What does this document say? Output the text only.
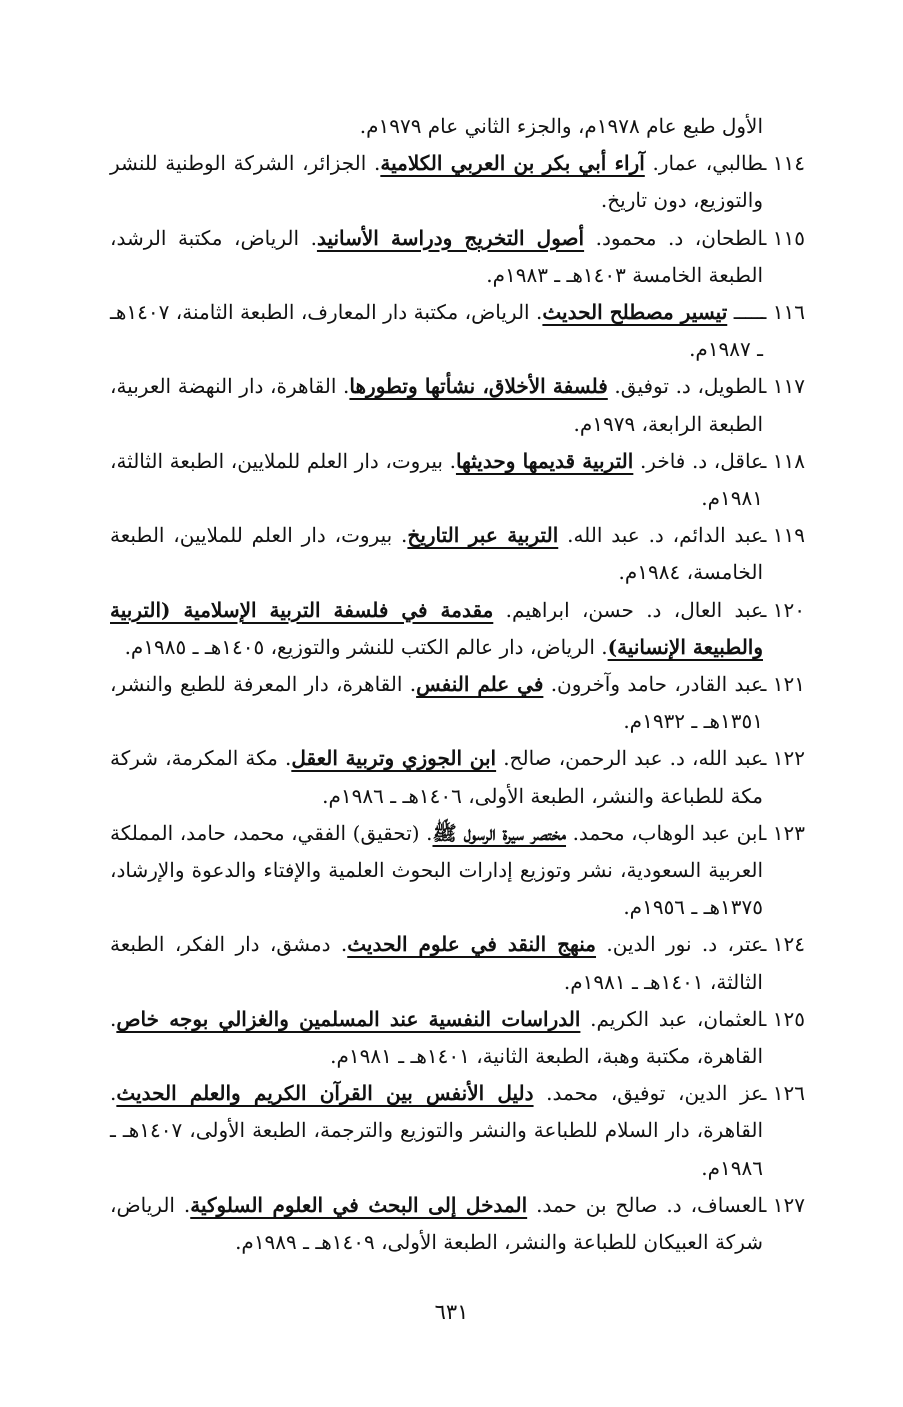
الأول طبع عام ١٩٧٨م، والجزء الثاني عام ١٩٧٩م.

١١٤ ـ
طالبي، عمار. آراء أبي بكر بن العربي الكلامية. الجزائر، الشركة الوطنية للنشر والتوزيع، دون تاريخ.

١١٥ ـ
الطحان، د. محمود. أصول التخريج ودراسة الأسانيد. الرياض، مكتبة الرشد، الطبعة الخامسة ١٤٠٣هـ ـ ١٩٨٣م.

١١٦ ـ
ـــــ تيسير مصطلح الحديث. الرياض، مكتبة دار المعارف، الطبعة الثامنة، ١٤٠٧هـ ـ ١٩٨٧م.

١١٧ ـ
الطويل، د. توفيق. فلسفة الأخلاق، نشأتها وتطورها. القاهرة، دار النهضة العربية، الطبعة الرابعة، ١٩٧٩م.

١١٨ ـ
عاقل، د. فاخر. التربية قديمها وحديثها. بيروت، دار العلم للملايين، الطبعة الثالثة، ١٩٨١م.

١١٩ ـ
عبد الدائم، د. عبد الله. التربية عبر التاريخ. بيروت، دار العلم للملايين، الطبعة الخامسة، ١٩٨٤م.

١٢٠ ـ
عبد العال، د. حسن، ابراهيم. مقدمة في فلسفة التربية الإسلامية (التربية والطبيعة الإنسانية). الرياض، دار عالم الكتب للنشر والتوزيع، ١٤٠٥هـ ـ ١٩٨٥م.

١٢١ ـ
عبد القادر، حامد وآخرون. في علم النفس. القاهرة، دار المعرفة للطبع والنشر، ١٣٥١هـ ـ ١٩٣٢م.

١٢٢ ـ
عبد الله، د. عبد الرحمن، صالح. ابن الجوزي وتربية العقل. مكة المكرمة، شركة مكة للطباعة والنشر، الطبعة الأولى، ١٤٠٦هـ ـ ١٩٨٦م.

١٢٣ ـ
ابن عبد الوهاب، محمد. مختصر سيرة الرسول ﷺ. (تحقيق) الفقي، محمد، حامد، المملكة العربية السعودية، نشر وتوزيع إدارات البحوث العلمية والإفتاء والدعوة والإرشاد، ١٣٧٥هـ ـ ١٩٥٦م.

١٢٤ ـ
عتر، د. نور الدين. منهج النقد في علوم الحديث. دمشق، دار الفكر، الطبعة الثالثة، ١٤٠١هـ ـ ١٩٨١م.

١٢٥ ـ
العثمان، عبد الكريم. الدراسات النفسية عند المسلمين والغزالي بوجه خاص. القاهرة، مكتبة وهبة، الطبعة الثانية، ١٤٠١هـ ـ ١٩٨١م.

١٢٦ ـ
عز الدين، توفيق، محمد. دليل الأنفس بين القرآن الكريم والعلم الحديث. القاهرة، دار السلام للطباعة والنشر والتوزيع والترجمة، الطبعة الأولى، ١٤٠٧هـ ـ ١٩٨٦م.

١٢٧ ـ
العساف، د. صالح بن حمد. المدخل إلى البحث في العلوم السلوكية. الرياض، شركة العبيكان للطباعة والنشر، الطبعة الأولى، ١٤٠٩هـ ـ ١٩٨٩م.

٦٣١
